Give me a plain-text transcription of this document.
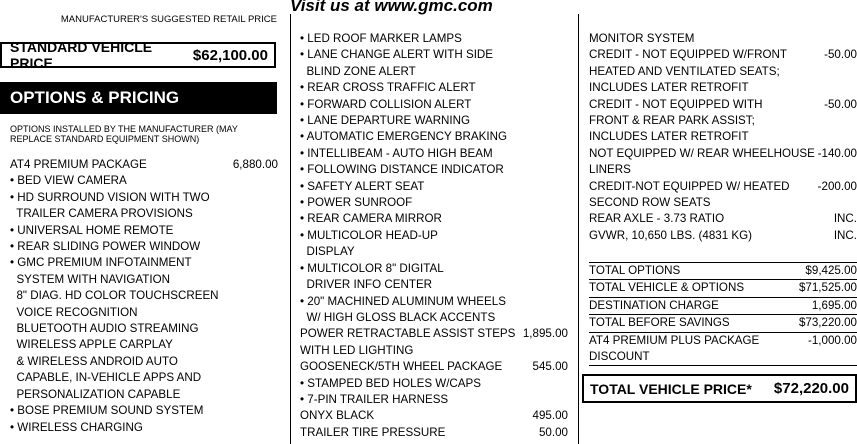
Visit us at www.gmc.com
MANUFACTURER'S SUGGESTED RETAIL PRICE
STANDARD VEHICLE PRICE	$62,100.00
OPTIONS & PRICING
OPTIONS INSTALLED BY THE MANUFACTURER (MAY REPLACE STANDARD EQUIPMENT SHOWN)
AT4 PREMIUM PACKAGE	6,880.00
• BED VIEW CAMERA
• HD SURROUND VISION WITH TWO
TRAILER CAMERA PROVISIONS
• UNIVERSAL HOME REMOTE
• REAR SLIDING POWER WINDOW
• GMC PREMIUM INFOTAINMENT
SYSTEM WITH NAVIGATION
8" DIAG. HD COLOR TOUCHSCREEN
VOICE RECOGNITION
BLUETOOTH AUDIO STREAMING
WIRELESS APPLE CARPLAY
& WIRELESS ANDROID AUTO
CAPABLE, IN-VEHICLE APPS AND
PERSONALIZATION CAPABLE
• BOSE PREMIUM SOUND SYSTEM
• WIRELESS CHARGING
• LED ROOF MARKER LAMPS
• LANE CHANGE ALERT WITH SIDE
BLIND ZONE ALERT
• REAR CROSS TRAFFIC ALERT
• FORWARD COLLISION ALERT
• LANE DEPARTURE WARNING
• AUTOMATIC EMERGENCY BRAKING
• INTELLIBEAM - AUTO HIGH BEAM
• FOLLOWING DISTANCE INDICATOR
• SAFETY ALERT SEAT
• POWER SUNROOF
• REAR CAMERA MIRROR
• MULTICOLOR HEAD-UP
DISPLAY
• MULTICOLOR 8" DIGITAL
DRIVER INFO CENTER
• 20" MACHINED ALUMINUM WHEELS
W/ HIGH GLOSS BLACK ACCENTS
POWER RETRACTABLE ASSIST STEPS 1,895.00
WITH LED LIGHTING
GOOSENECK/5TH WHEEL PACKAGE	545.00
• STAMPED BED HOLES W/CAPS
• 7-PIN TRAILER HARNESS
ONYX BLACK	495.00
TRAILER TIRE PRESSURE	50.00
MONITOR SYSTEM
CREDIT - NOT EQUIPPED W/FRONT	-50.00
HEATED AND VENTILATED SEATS;
INCLUDES LATER RETROFIT
CREDIT - NOT EQUIPPED WITH	-50.00
FRONT & REAR PARK ASSIST;
INCLUDES LATER RETROFIT
NOT EQUIPPED W/ REAR WHEELHOUSE -140.00
LINERS
CREDIT-NOT EQUIPPED W/ HEATED -200.00
SECOND ROW SEATS
REAR AXLE - 3.73 RATIO	INC.
GVWR, 10,650 LBS. (4831 KG)	INC.
TOTAL OPTIONS	$9,425.00
TOTAL VEHICLE & OPTIONS	$71,525.00
DESTINATION CHARGE	1,695.00
TOTAL BEFORE SAVINGS	$73,220.00
AT4 PREMIUM PLUS PACKAGE	-1,000.00
DISCOUNT
TOTAL VEHICLE PRICE* $72,220.00
